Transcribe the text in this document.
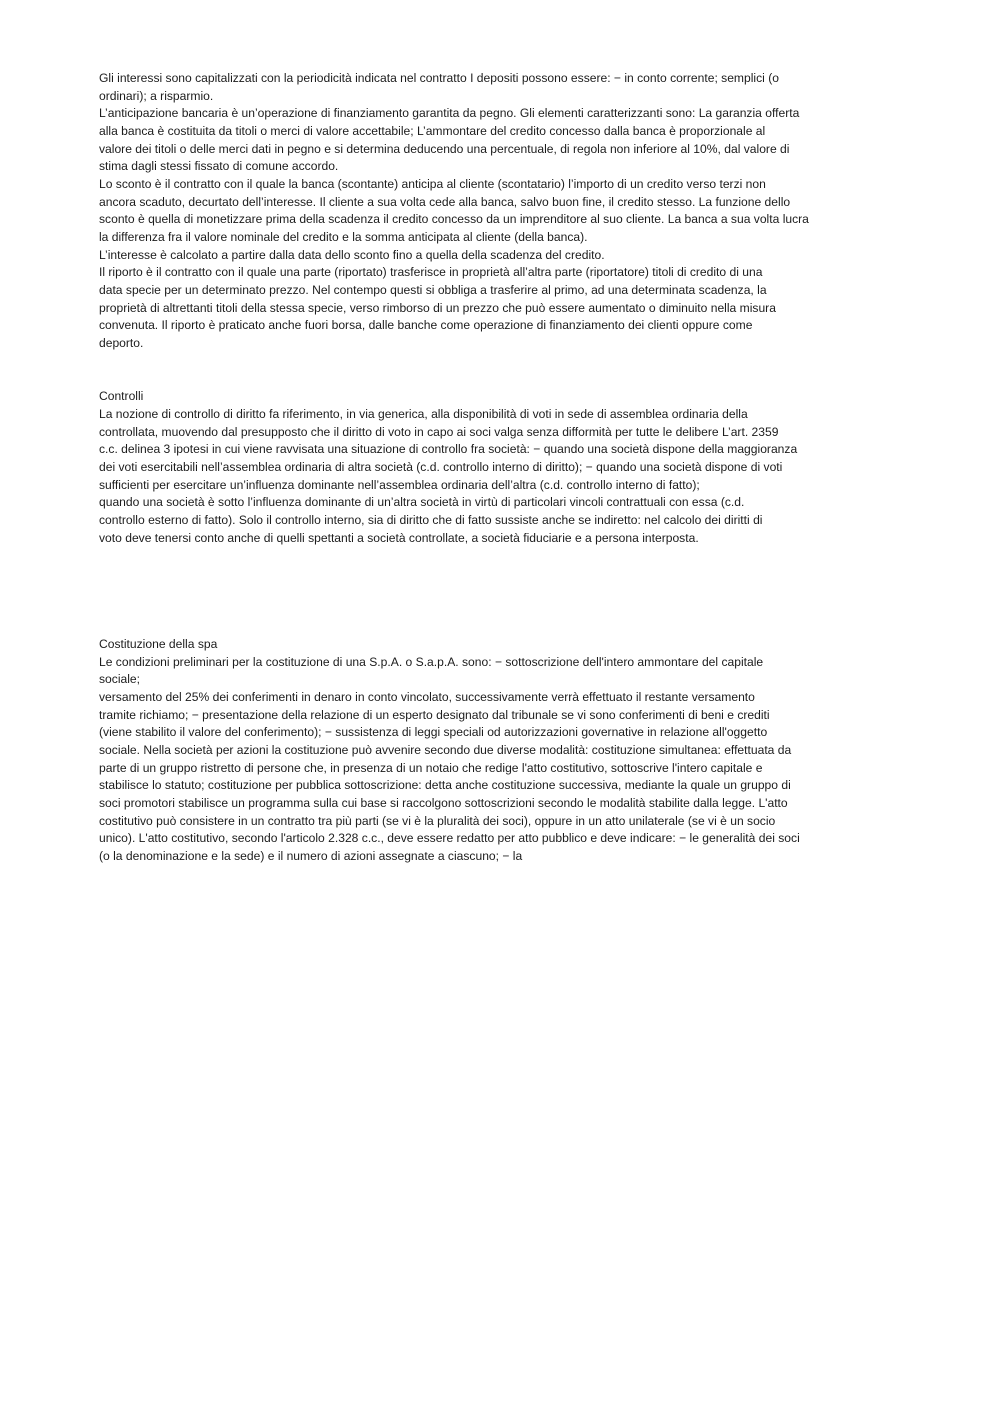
Gli interessi sono capitalizzati con la periodicità indicata nel contratto I depositi possono essere: − in conto corrente; semplici (o
ordinari); a risparmio.
L’anticipazione bancaria è un’operazione di finanziamento garantita da pegno. Gli elementi caratterizzanti sono: La garanzia offerta
alla banca è costituita da titoli o merci di valore accettabile; L’ammontare del credito concesso dalla banca è proporzionale al
valore dei titoli o delle merci dati in pegno e si determina deducendo una percentuale, di regola non inferiore al 10%, dal valore di
stima dagli stessi fissato di comune accordo.
Lo sconto è il contratto con il quale la banca (scontante) anticipa al cliente (scontatario) l’importo di un credito verso terzi non
ancora scaduto, decurtato dell’interesse. Il cliente a sua volta cede alla banca, salvo buon fine, il credito stesso. La funzione dello
sconto è quella di monetizzare prima della scadenza il credito concesso da un imprenditore al suo cliente. La banca a sua volta lucra
la differenza fra il valore nominale del credito e la somma anticipata al cliente (della banca).
L’interesse è calcolato a partire dalla data dello sconto fino a quella della scadenza del credito.
Il riporto è il contratto con il quale una parte (riportato) trasferisce in proprietà all’altra parte (riportatore) titoli di credito di una
data specie per un determinato prezzo. Nel contempo questi si obbliga a trasferire al primo, ad una determinata scadenza, la
proprietà di altrettanti titoli della stessa specie, verso rimborso di un prezzo che può essere aumentato o diminuito nella misura
convenuta. Il riporto è praticato anche fuori borsa, dalle banche come operazione di finanziamento dei clienti oppure come
deporto.
Controlli
La nozione di controllo di diritto fa riferimento, in via generica, alla disponibilità di voti in sede di assemblea ordinaria della
controllata, muovendo dal presupposto che il diritto di voto in capo ai soci valga senza difformità per tutte le delibere L’art. 2359
c.c. delinea 3 ipotesi in cui viene ravvisata una situazione di controllo fra società: − quando una società dispone della maggioranza
dei voti esercitabili nell’assemblea ordinaria di altra società (c.d. controllo interno di diritto); − quando una società dispone di voti
sufficienti per esercitare un’influenza dominante nell’assemblea ordinaria dell’altra (c.d. controllo interno di fatto);
quando una società è sotto l’influenza dominante di un’altra società in virtù di particolari vincoli contrattuali con essa (c.d.
controllo esterno di fatto). Solo il controllo interno, sia di diritto che di fatto sussiste anche se indiretto: nel calcolo dei diritti di
voto deve tenersi conto anche di quelli spettanti a società controllate, a società fiduciarie e a persona interposta.
Costituzione della spa
Le condizioni preliminari per la costituzione di una S.p.A. o S.a.p.A. sono: − sottoscrizione dell'intero ammontare del capitale
sociale;
versamento del 25% dei conferimenti in denaro in conto vincolato, successivamente verrà effettuato il restante versamento
tramite richiamo; − presentazione della relazione di un esperto designato dal tribunale se vi sono conferimenti di beni e crediti
(viene stabilito il valore del conferimento); − sussistenza di leggi speciali od autorizzazioni governative in relazione all'oggetto
sociale. Nella società per azioni la costituzione può avvenire secondo due diverse modalità: costituzione simultanea: effettuata da
parte di un gruppo ristretto di persone che, in presenza di un notaio che redige l'atto costitutivo, sottoscrive l'intero capitale e
stabilisce lo statuto; costituzione per pubblica sottoscrizione: detta anche costituzione successiva, mediante la quale un gruppo di
soci promotori stabilisce un programma sulla cui base si raccolgono sottoscrizioni secondo le modalità stabilite dalla legge. L'atto
costitutivo può consistere in un contratto tra più parti (se vi è la pluralità dei soci), oppure in un atto unilaterale (se vi è un socio
unico). L'atto costitutivo, secondo l'articolo 2.328 c.c., deve essere redatto per atto pubblico e deve indicare: − le generalità dei soci
(o la denominazione e la sede) e il numero di azioni assegnate a ciascuno; − la
